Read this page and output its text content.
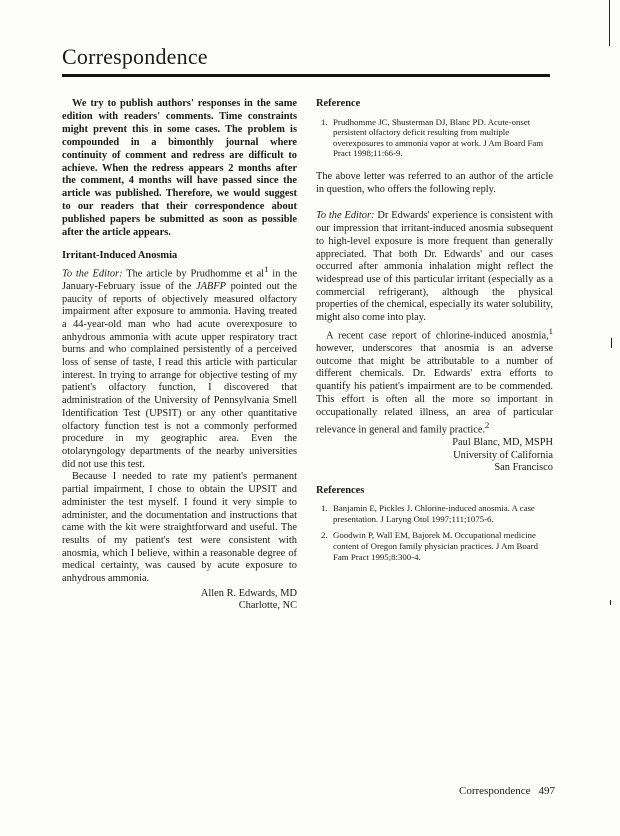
Correspondence

We try to publish authors' responses in the same edition with readers' comments. Time constraints might prevent this in some cases. The problem is compounded in a bimonthly journal where continuity of comment and redress are difficult to achieve. When the redress appears 2 months after the comment, 4 months will have passed since the article was published. Therefore, we would suggest to our readers that their correspondence about published papers be submitted as soon as possible after the article appears.

Irritant-Induced Anosmia

To the Editor: The article by Prudhomme et $al^1$ in the January-February issue of the JABFP pointed out the paucity of reports of objectively measured olfactory impairment after exposure to ammonia. Having treated a 44-year-old man who had acute overexposure to anhydrous ammonia with acute upper respiratory tract burns and who complained persistently of a perceived loss of sense of taste, I read this article with particular interest. In trying to arrange for objective testing of my patient's olfactory function, I discovered that administration of the University of Pennsylvania Smell Identification Test (UPSIT) or any other quantitative olfactory function test is not a commonly performed procedure in my geographic area. Even the otolaryngology departments of the nearby universities did not use this test.

Because I needed to rate my patient's permanent partial impairment, I chose to obtain the UPSIT and administer the test myself. I found it very simple to administer, and the documentation and instructions that came with the kit were straightforward and useful. The results of my patient's test were consistent with anosmia, which I believe, within a reasonable degree of medical certainty, was caused by acute exposure to anhydrous ammonia.

Allen R. Edwards, MD
Charlotte, NC

Reference

1. Prudhomme JC, Shusterman DJ, Blanc PD. Acute-onset persistent olfactory deficit resulting from multiple overexposures to ammonia vapor at work. J Am Board Fam Pract 1998;11:66-9.

The above letter was referred to an author of the article in question, who offers the following reply.

To the Editor: Dr Edwards' experience is consistent with our impression that irritant-induced anosmia subsequent to high-level exposure is more frequent than generally appreciated. That both Dr. Edwards' and our cases occurred after ammonia inhalation might reflect the widespread use of this particular irritant (especially as a commercial refrigerant), although the physical properties of the chemical, especially its water solubility, might also come into play.

A recent case report of chlorine-induced anosmia,$^1$ however, underscores that anosmia is an adverse outcome that might be attributable to a number of different chemicals. Dr. Edwards' extra efforts to quantify his patient's impairment are to be commended. This effort is often all the more so important in occupationally related illness, an area of particular relevance in general and family practice.$^2$

Paul Blanc, MD, MSPH
University of California
San Francisco

References

1. Banjamin E, Pickles J. Chlorine-induced anosmia. A case presentation. J Laryng Otol 1997;111;1075-6.
2. Goodwin P, Wall EM, Bajorek M. Occupational medicine content of Oregon family physician practices. J Am Board Fam Pract 1995;8:300-4.
Correspondence 497
